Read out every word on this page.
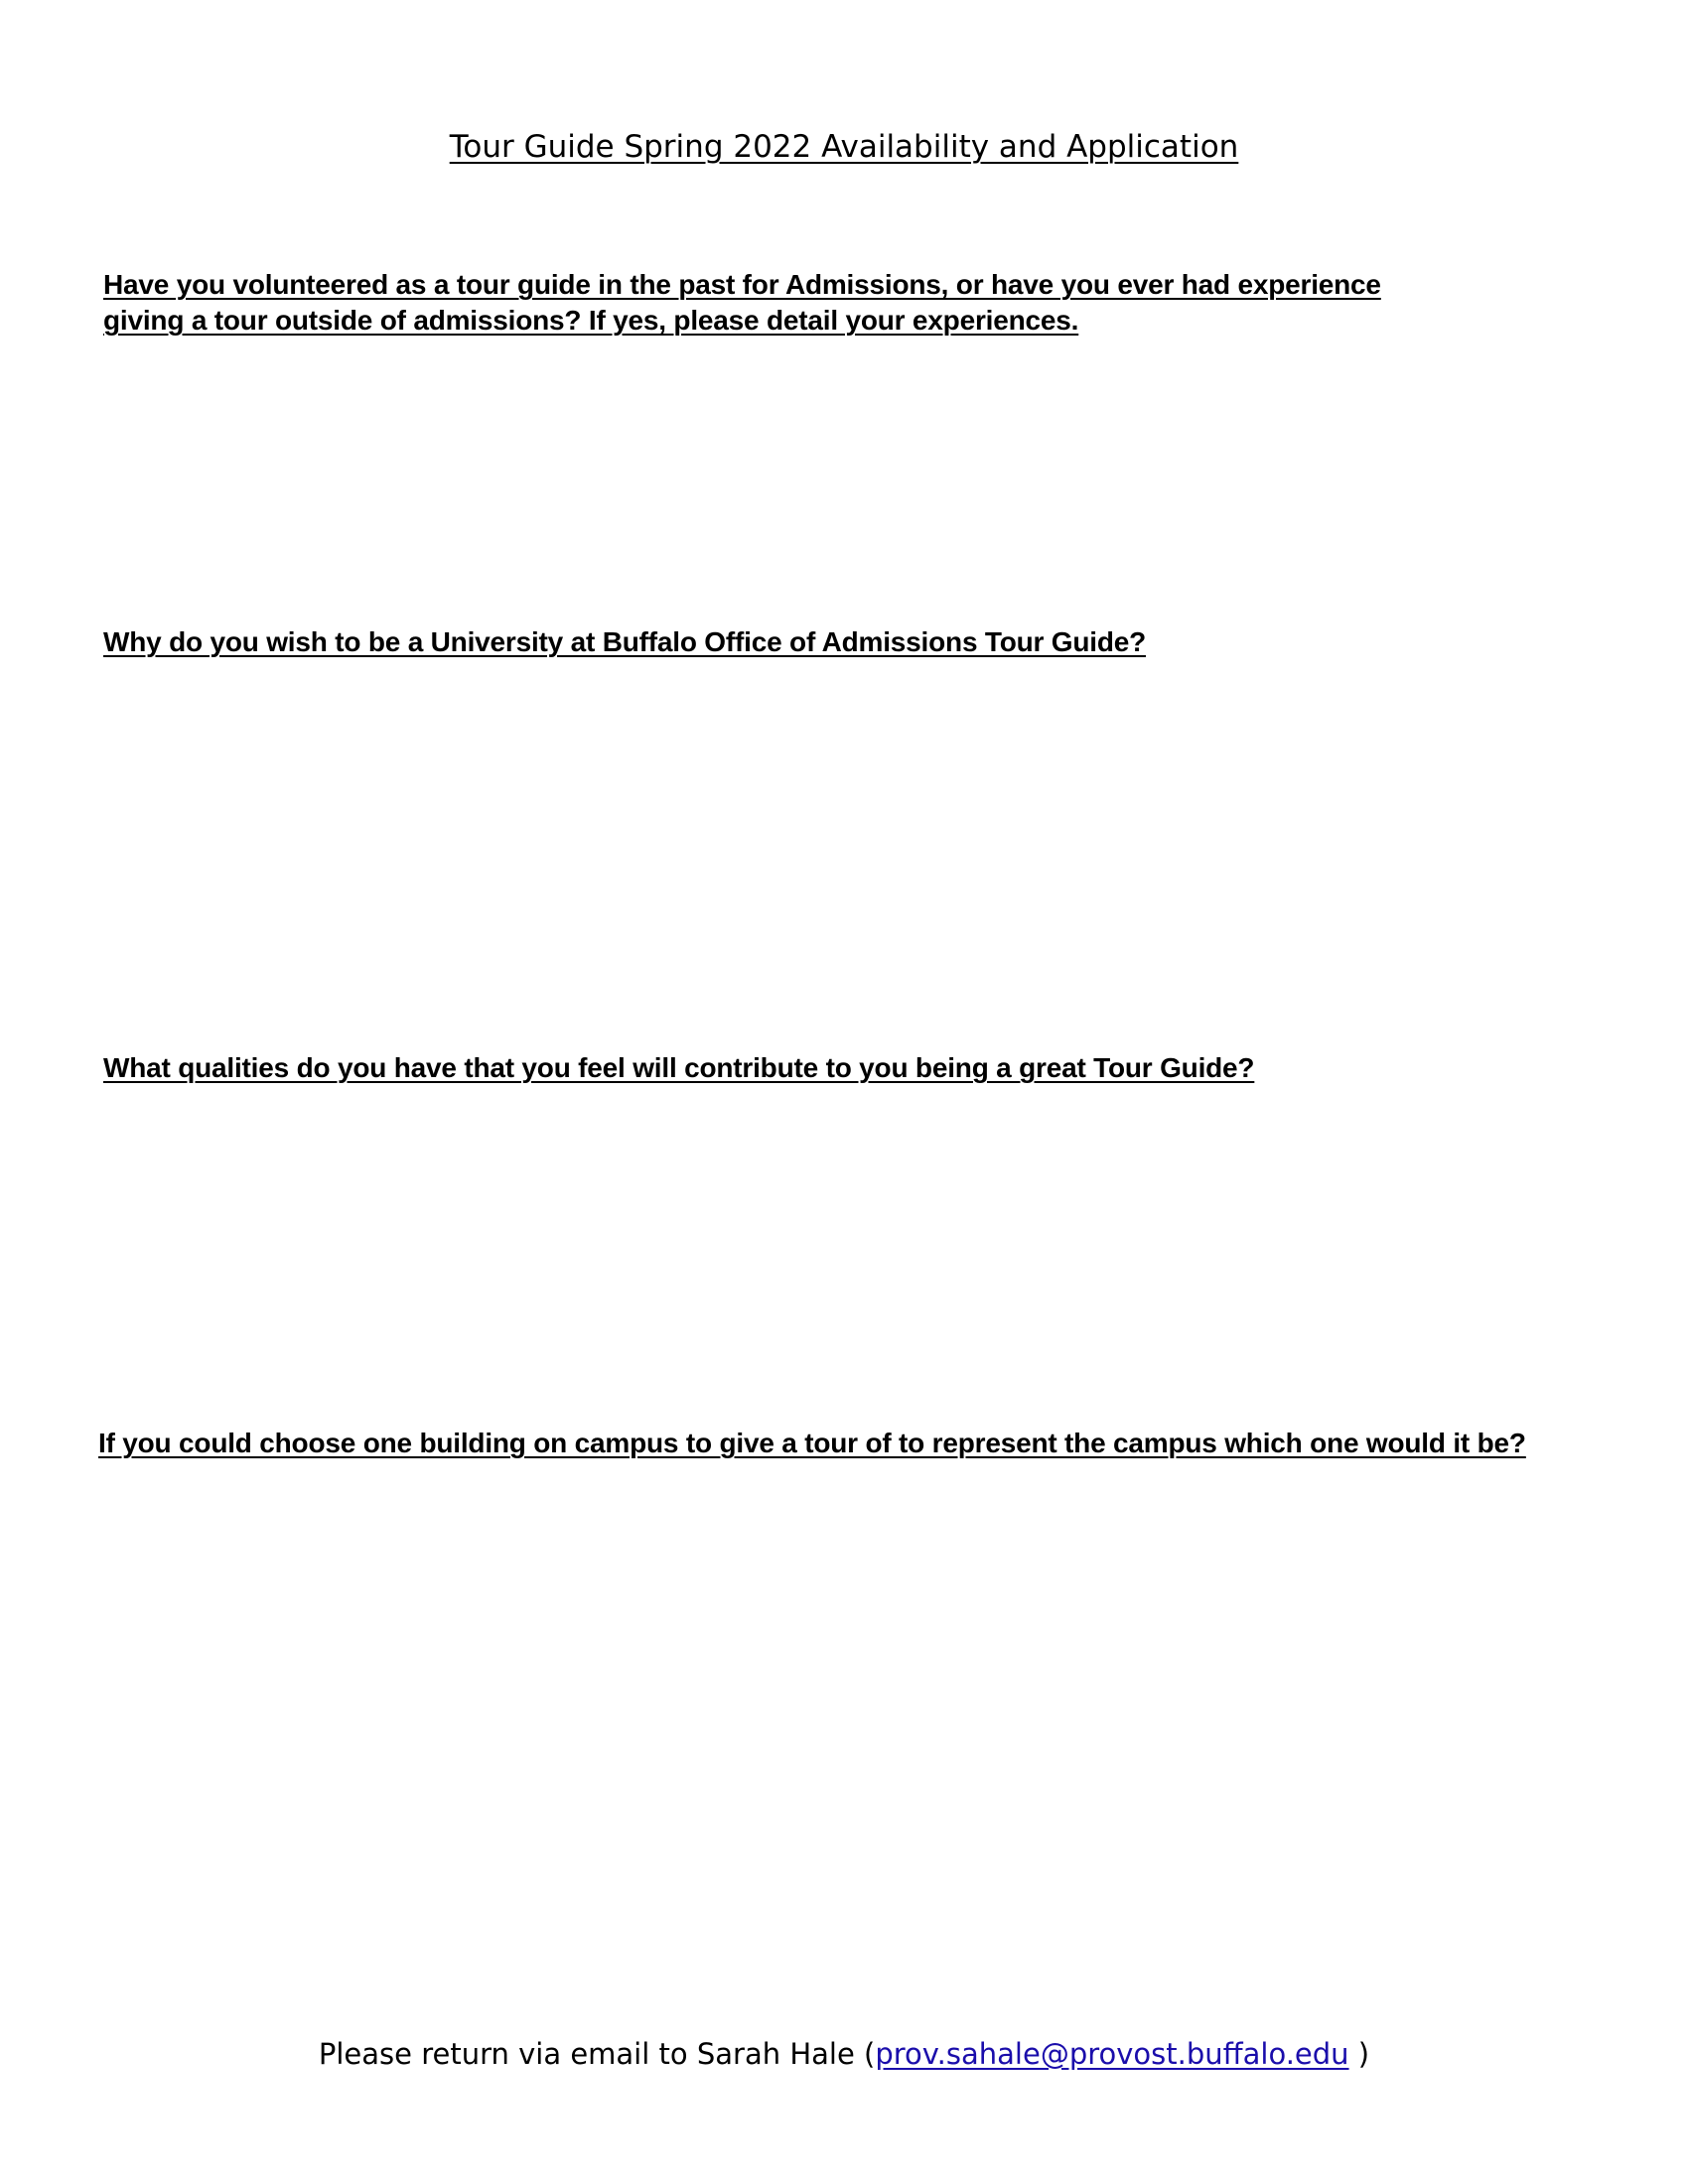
Tour Guide Spring 2022 Availability and Application

Have you volunteered as a tour guide in the past for Admissions, or have you ever had experience giving a tour outside of admissions? If yes, please detail your experiences.

Why do you wish to be a University at Buffalo Office of Admissions Tour Guide?

What qualities do you have that you feel will contribute to you being a great Tour Guide?

If you could choose one building on campus to give a tour of to represent the campus which one would it be?

Please return via email to Sarah Hale (prov.sahale@provost.buffalo.edu )
